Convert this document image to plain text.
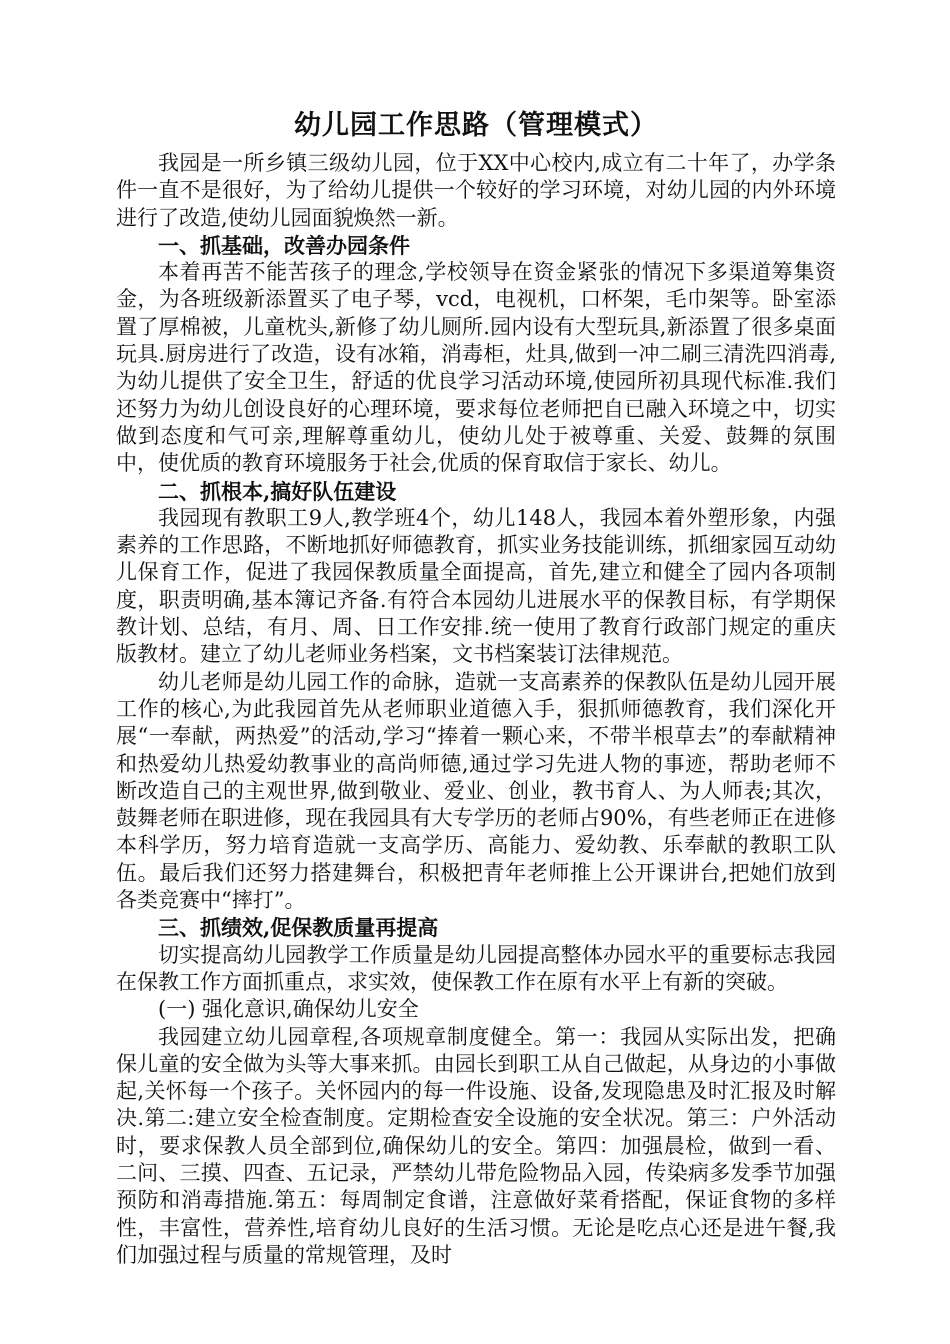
幼儿园工作思路（管理模式）

我园是一所乡镇三级幼儿园，位于XX中心校内,成立有二十年了，办学条件一直不是很好，为了给幼儿提供一个较好的学习环境，对幼儿园的内外环境进行了改造,使幼儿园面貌焕然一新。

一、抓基础，改善办园条件

本着再苦不能苦孩子的理念,学校领导在资金紧张的情况下多渠道筹集资金，为各班级新添置买了电子琴，vcd，电视机，口杯架，毛巾架等。卧室添置了厚棉被，儿童枕头,新修了幼儿厕所.园内设有大型玩具,新添置了很多桌面玩具.厨房进行了改造，设有冰箱，消毒柜，灶具,做到一冲二刷三清洗四消毒,为幼儿提供了安全卫生，舒适的优良学习活动环境,使园所初具现代标准.我们还努力为幼儿创设良好的心理环境，要求每位老师把自已融入环境之中，切实做到态度和气可亲,理解尊重幼儿，使幼儿处于被尊重、关爱、鼓舞的氛围中，使优质的教育环境服务于社会,优质的保育取信于家长、幼儿。

二、抓根本,搞好队伍建设

我园现有教职工9人,教学班4个，幼儿148人，我园本着外塑形象，内强素养的工作思路，不断地抓好师德教育，抓实业务技能训练，抓细家园互动幼儿保育工作，促进了我园保教质量全面提高，首先,建立和健全了园内各项制度，职责明确,基本簿记齐备.有符合本园幼儿进展水平的保教目标，有学期保教计划、总结，有月、周、日工作安排.统一使用了教育行政部门规定的重庆版教材。建立了幼儿老师业务档案，文书档案装订法律规范。

幼儿老师是幼儿园工作的命脉，造就一支高素养的保教队伍是幼儿园开展工作的核心,为此我园首先从老师职业道德入手，狠抓师德教育，我们深化开展“一奉献，两热爱”的活动,学习“捧着一颗心来，不带半根草去”的奉献精神和热爱幼儿热爱幼教事业的高尚师德,通过学习先进人物的事迹，帮助老师不断改造自己的主观世界,做到敬业、爱业、创业，教书育人、为人师表;其次，鼓舞老师在职进修，现在我园具有大专学历的老师占90%，有些老师正在进修本科学历，努力培育造就一支高学历、高能力、爱幼教、乐奉献的教职工队伍。最后我们还努力搭建舞台，积极把青年老师推上公开课讲台,把她们放到各类竞赛中“摔打”。

三、抓绩效,促保教质量再提高

切实提高幼儿园教学工作质量是幼儿园提高整体办园水平的重要标志我园在保教工作方面抓重点，求实效，使保教工作在原有水平上有新的突破。

(一) 强化意识,确保幼儿安全

我园建立幼儿园章程,各项规章制度健全。第一：我园从实际出发，把确保儿童的安全做为头等大事来抓。由园长到职工从自己做起，从身边的小事做起,关怀每一个孩子。关怀园内的每一件设施、设备,发现隐患及时汇报及时解决.第二:建立安全检查制度。定期检查安全设施的安全状况。第三：户外活动时，要求保教人员全部到位,确保幼儿的安全。第四：加强晨检，做到一看、二问、三摸、四查、五记录，严禁幼儿带危险物品入园，传染病多发季节加强预防和消毒措施.第五：每周制定食谱，注意做好菜肴搭配，保证食物的多样性，丰富性，营养性,培育幼儿良好的生活习惯。无论是吃点心还是进午餐,我们加强过程与质量的常规管理，及时
